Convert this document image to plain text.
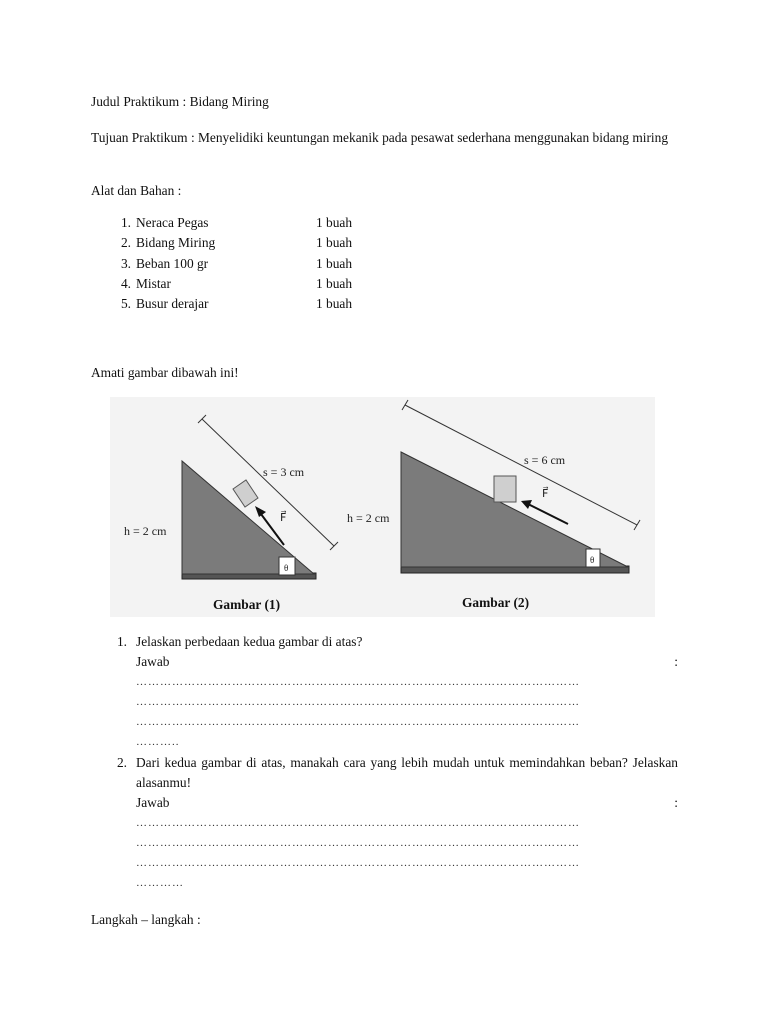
Judul Praktikum : Bidang Miring
Tujuan Praktikum : Menyelidiki keuntungan mekanik pada pesawat sederhana menggunakan bidang miring
Alat dan Bahan :
1. Neraca Pegas	1 buah
2. Bidang Miring	1 buah
3. Beban 100 gr	1 buah
4. Mistar	1 buah
5. Busur derajar	1 buah
Amati gambar dibawah ini!
h = 2 cm
s = 3 cm
F⃗
θ
h = 2 cm
s = 6 cm
F⃗
θ
Gambar (1)	Gambar (2)
1. Jelaskan perbedaan kedua gambar di atas?
Jawab	:
…………………………………………………………………………………………………
…………………………………………………………………………………………………
…………………………………………………………………………………………………
………..
2. Dari kedua gambar di atas, manakah cara yang lebih mudah untuk memindahkan beban? Jelaskan alasanmu!
Jawab	:
…………………………………………………………………………………………………
…………………………………………………………………………………………………
…………………………………………………………………………………………………
…………
Langkah – langkah :
